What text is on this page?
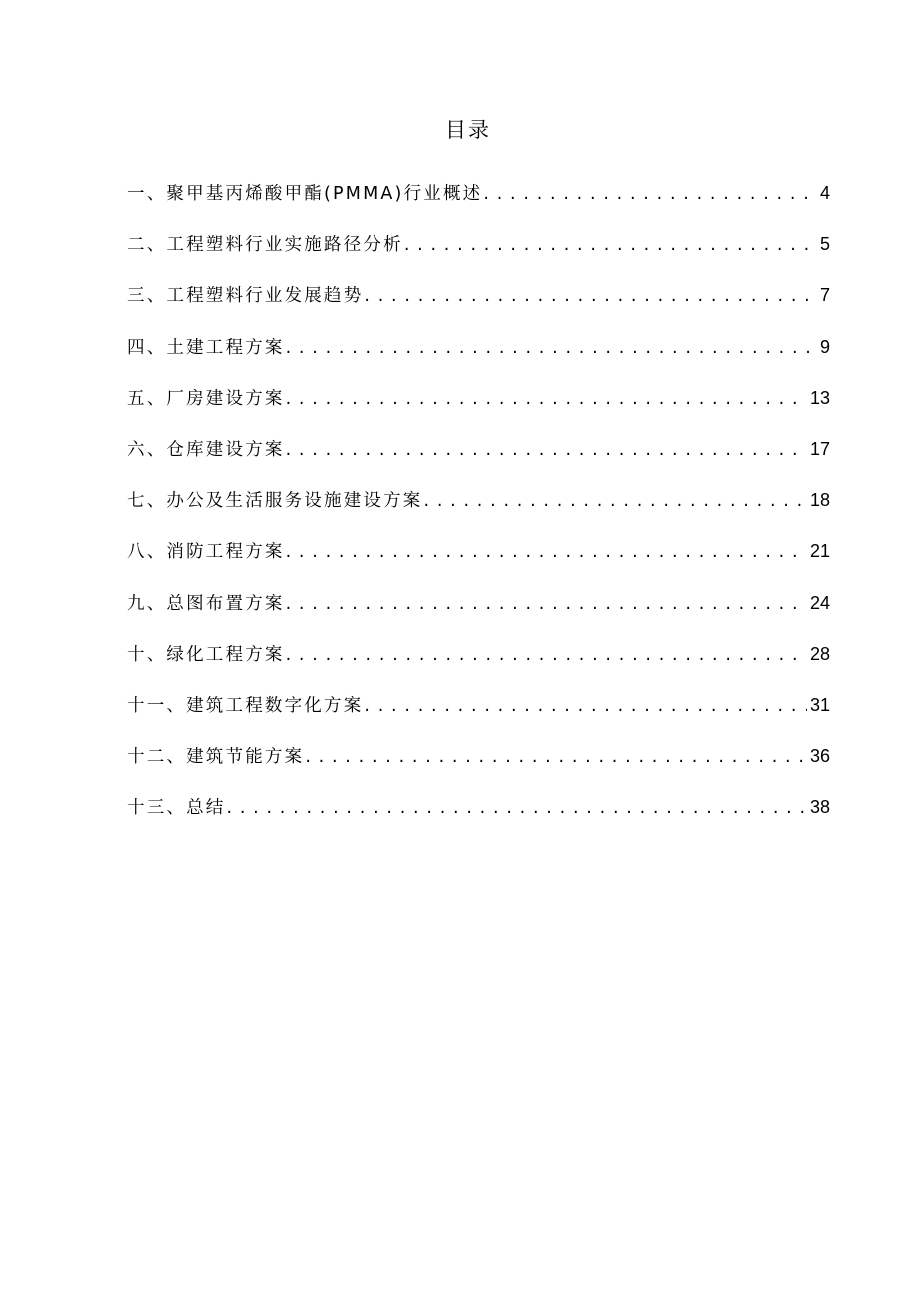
目录
一、聚甲基丙烯酸甲酯(PMMA)行业概述 . . .	4
二、工程塑料行业实施路径分析 . . .	5
三、工程塑料行业发展趋势 . . .	7
四、土建工程方案 . . .	9
五、厂房建设方案 . . .	13
六、仓库建设方案 . . .	17
七、办公及生活服务设施建设方案 . . .	18
八、消防工程方案 . . .	21
九、总图布置方案 . . .	24
十、绿化工程方案 . . .	28
十一、建筑工程数字化方案 . . .	31
十二、建筑节能方案 . . .	36
十三、总结 . . .	38
